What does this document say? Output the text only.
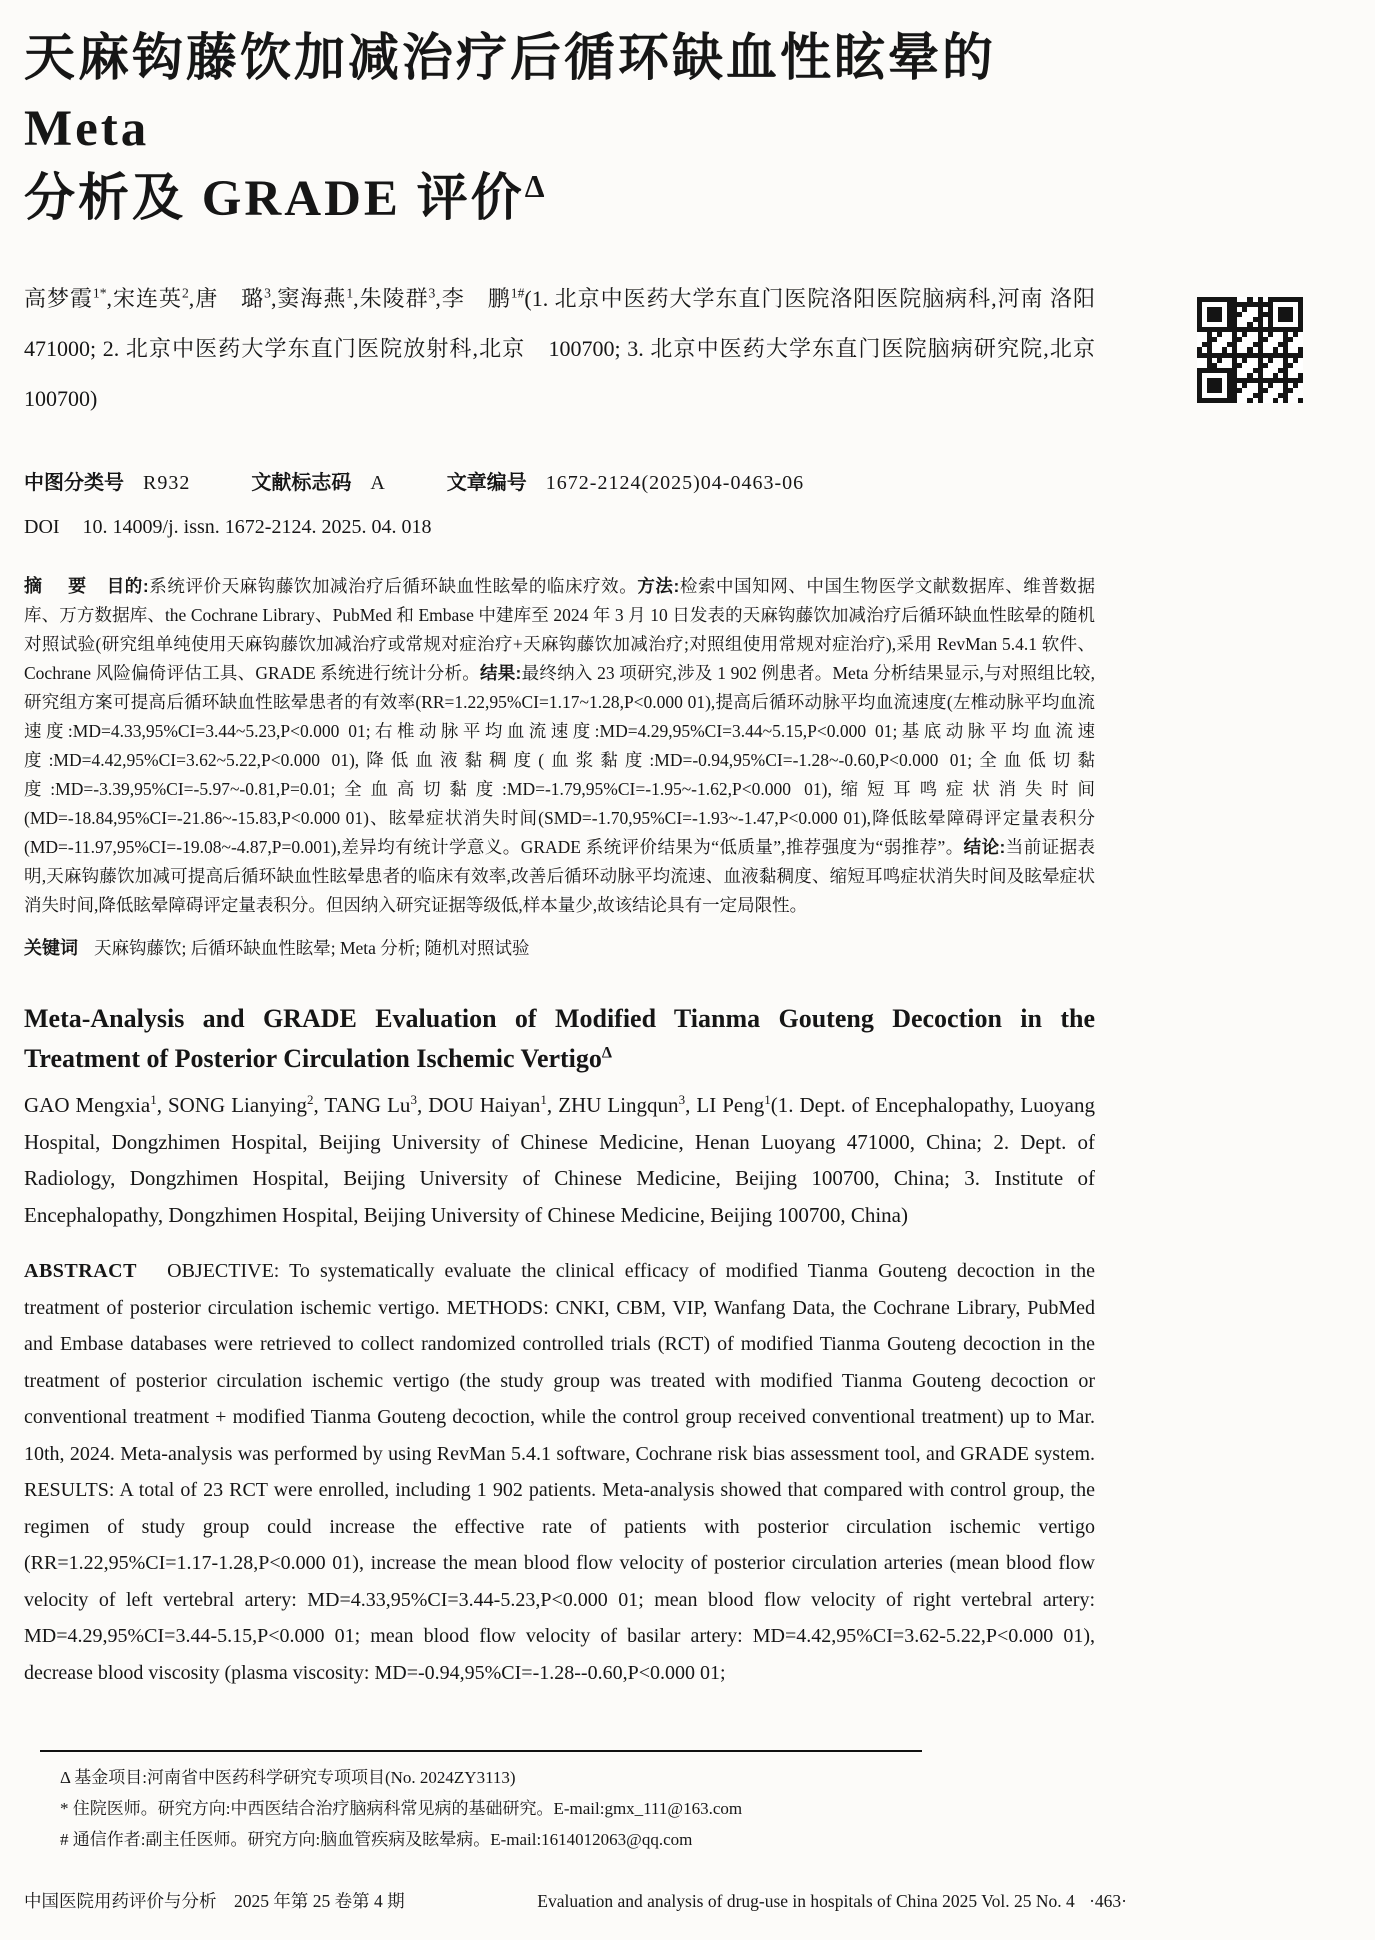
天麻钩藤饮加减治疗后循环缺血性眩晕的 Meta
分析及 GRADE 评价$^\Delta$
高梦霞$^{1*}$,宋连英$^2$,唐　璐$^3$,窦海燕$^1$,朱陵群$^3$,李　鹏$^{1\#}$(1. 北京中医药大学东直门医院洛阳医院脑病科,河南 洛阳　471000; 2. 北京中医药大学东直门医院放射科,北京　100700; 3. 北京中医药大学东直门医院脑病研究院,北京　100700)
中图分类号 R932	文献标志码 A	文章编号 1672-2124(2025)04-0463-06
DOI 10. 14009/j. issn. 1672-2124. 2025. 04. 018
摘 要 目的:系统评价天麻钩藤饮加减治疗后循环缺血性眩晕的临床疗效。方法:检索中国知网、中国生物医学文献数据库、维普数据库、万方数据库、the Cochrane Library、PubMed 和 Embase 中建库至 2024 年 3 月 10 日发表的天麻钩藤饮加减治疗后循环缺血性眩晕的随机对照试验(研究组单纯使用天麻钩藤饮加减治疗或常规对症治疗+天麻钩藤饮加减治疗;对照组使用常规对症治疗),采用 RevMan 5.4.1 软件、Cochrane 风险偏倚评估工具、GRADE 系统进行统计分析。结果:最终纳入 23 项研究,涉及 1 902 例患者。Meta 分析结果显示,与对照组比较,研究组方案可提高后循环缺血性眩晕患者的有效率(RR=1.22,95%CI=1.17~1.28,P<0.000 01),提高后循环动脉平均血流速度(左椎动脉平均血流速度:MD=4.33,95%CI=3.44~5.23,P<0.000 01;右椎动脉平均血流速度:MD=4.29,95%CI=3.44~5.15,P<0.000 01;基底动脉平均血流速度:MD=4.42,95%CI=3.62~5.22,P<0.000 01),降低血液黏稠度(血浆黏度:MD=-0.94,95%CI=-1.28~-0.60,P<0.000 01;全血低切黏度:MD=-3.39,95%CI=-5.97~-0.81,P=0.01;全血高切黏度:MD=-1.79,95%CI=-1.95~-1.62,P<0.000 01),缩短耳鸣症状消失时间(MD=-18.84,95%CI=-21.86~-15.83,P<0.000 01)、眩晕症状消失时间(SMD=-1.70,95%CI=-1.93~-1.47,P<0.000 01),降低眩晕障碍评定量表积分(MD=-11.97,95%CI=-19.08~-4.87,P=0.001),差异均有统计学意义。GRADE 系统评价结果为“低质量”,推荐强度为“弱推荐”。结论:当前证据表明,天麻钩藤饮加减可提高后循环缺血性眩晕患者的临床有效率,改善后循环动脉平均流速、血液黏稠度、缩短耳鸣症状消失时间及眩晕症状消失时间,降低眩晕障碍评定量表积分。但因纳入研究证据等级低,样本量少,故该结论具有一定局限性。
关键词 天麻钩藤饮; 后循环缺血性眩晕; Meta 分析; 随机对照试验
Meta-Analysis and GRADE Evaluation of Modified Tianma Gouteng Decoction in the Treatment of Posterior Circulation Ischemic Vertigo$^\Delta$
GAO Mengxia$^1$, SONG Lianying$^2$, TANG Lu$^3$, DOU Haiyan$^1$, ZHU Lingqun$^3$, LI Peng$^1$(1. Dept. of Encephalopathy, Luoyang Hospital, Dongzhimen Hospital, Beijing University of Chinese Medicine, Henan Luoyang 471000, China; 2. Dept. of Radiology, Dongzhimen Hospital, Beijing University of Chinese Medicine, Beijing 100700, China; 3. Institute of Encephalopathy, Dongzhimen Hospital, Beijing University of Chinese Medicine, Beijing 100700, China)
ABSTRACT　OBJECTIVE: To systematically evaluate the clinical efficacy of modified Tianma Gouteng decoction in the treatment of posterior circulation ischemic vertigo. METHODS: CNKI, CBM, VIP, Wanfang Data, the Cochrane Library, PubMed and Embase databases were retrieved to collect randomized controlled trials (RCT) of modified Tianma Gouteng decoction in the treatment of posterior circulation ischemic vertigo (the study group was treated with modified Tianma Gouteng decoction or conventional treatment + modified Tianma Gouteng decoction, while the control group received conventional treatment) up to Mar. 10th, 2024. Meta-analysis was performed by using RevMan 5.4.1 software, Cochrane risk bias assessment tool, and GRADE system. RESULTS: A total of 23 RCT were enrolled, including 1 902 patients. Meta-analysis showed that compared with control group, the regimen of study group could increase the effective rate of patients with posterior circulation ischemic vertigo (RR=1.22,95%CI=1.17-1.28,P<0.000 01), increase the mean blood flow velocity of posterior circulation arteries (mean blood flow velocity of left vertebral artery: MD=4.33,95%CI=3.44-5.23,P<0.000 01; mean blood flow velocity of right vertebral artery: MD=4.29,95%CI=3.44-5.15,P<0.000 01; mean blood flow velocity of basilar artery: MD=4.42,95%CI=3.62-5.22,P<0.000 01), decrease blood viscosity (plasma viscosity: MD=-0.94,95%CI=-1.28--0.60,P<0.000 01;
Δ 基金项目:河南省中医药科学研究专项项目(No. 2024ZY3113)
* 住院医师。研究方向:中西医结合治疗脑病科常见病的基础研究。E-mail:gmx_111@163.com
# 通信作者:副主任医师。研究方向:脑血管疾病及眩晕病。E-mail:1614012063@qq.com
中国医院用药评价与分析　2025 年第 25 卷第 4 期	Evaluation and analysis of drug-use in hospitals of China 2025 Vol. 25 No. 4 ·463·
